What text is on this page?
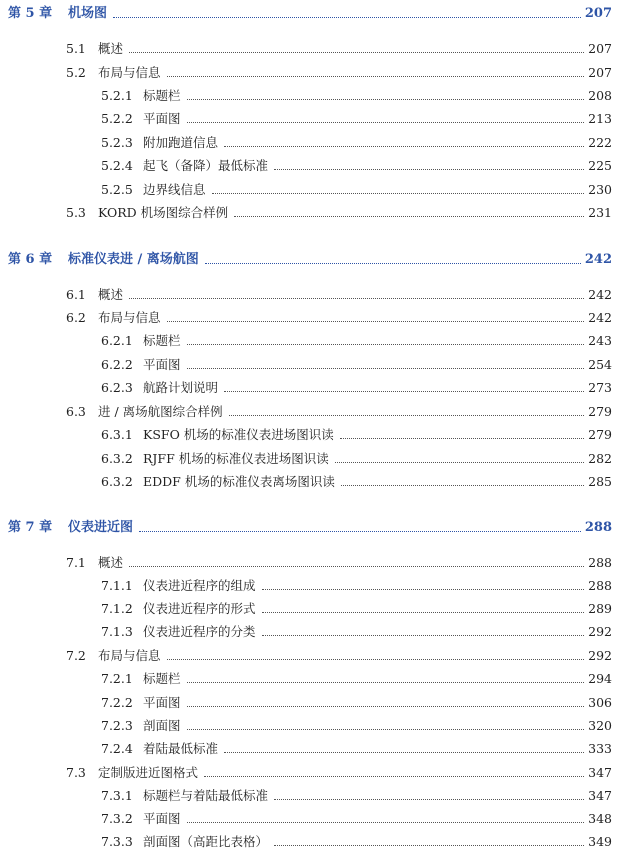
第 5 章 机场图	207
5.1 概述	207
5.2 布局与信息	207
5.2.1 标题栏	208
5.2.2 平面图	213
5.2.3 附加跑道信息	222
5.2.4 起飞（备降）最低标准	225
5.2.5 边界线信息	230
5.3 KORD 机场图综合样例	231
第 6 章 标准仪表进 / 离场航图	242
6.1 概述	242
6.2 布局与信息	242
6.2.1 标题栏	243
6.2.2 平面图	254
6.2.3 航路计划说明	273
6.3 进 / 离场航图综合样例	279
6.3.1 KSFO 机场的标准仪表进场图识读	279
6.3.2 RJFF 机场的标准仪表进场图识读	282
6.3.2 EDDF 机场的标准仪表离场图识读	285
第 7 章 仪表进近图	288
7.1 概述	288
7.1.1 仪表进近程序的组成	288
7.1.2 仪表进近程序的形式	289
7.1.3 仪表进近程序的分类	292
7.2 布局与信息	292
7.2.1 标题栏	294
7.2.2 平面图	306
7.2.3 剖面图	320
7.2.4 着陆最低标准	333
7.3 定制版进近图格式	347
7.3.1 标题栏与着陆最低标准	347
7.3.2 平面图	348
7.3.3 剖面图（高距比表格）	349
